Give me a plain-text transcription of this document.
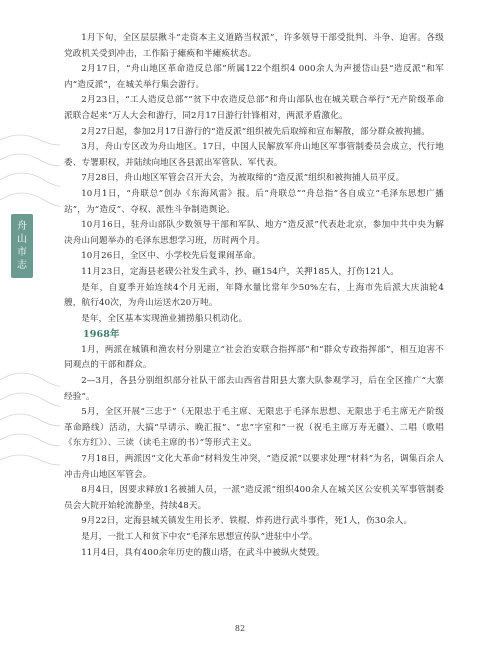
舟
山
市
志

1月下旬，全区层层揪斗“走资本主义道路当权派”，许多领导干部受批判、斗争、迫害。各级党政机关受到冲击，工作陷于瘫痪和半瘫痪状态。

2月17日，“舟山地区革命造反总部”所属122个组织4 000余人为声援岱山县“造反派”和军内“造反派”，在城关举行集会游行。

2月23日，“工人造反总部”“贫下中农造反总部”和舟山部队也在城关联合举行“无产阶级革命派联合起来”万人大会和游行，同2月17日游行针锋相对，两派矛盾激化。

2月27日起，参加2月17日游行的“造反派”组织被先后取缔和宣布解散，部分群众被拘捕。

3月，舟山专区改为舟山地区。17日，中国人民解放军舟山地区军事管制委员会成立，代行地委、专署职权，并陆续向地区各县派出军管队、军代表。

7月28日，舟山地区军管会召开大会，为被取缔的“造反派”组织和被拘捕人员平反。

10月1日，“舟联总”创办《东海风雷》报。后“舟联总”“舟总指”各自成立“毛泽东思想广播站”，为“造反”、夺权、派性斗争制造舆论。

10月16日，驻舟山部队少数领导干部和军队、地方“造反派”代表赴北京，参加中共中央为解决舟山问题举办的毛泽东思想学习班，历时两个月。

10月26日，全区中、小学校先后复课闹革命。

11月23日，定海县老碶公社发生武斗，抄、砸154户，关押185人，打伤121人。

是年，自夏季开始连续4个月无雨，年降水量比常年少50%左右，上海市先后派大庆油轮4艘，航行40次，为舟山运送水20万吨。

是年，全区基本实现渔业捕捞船只机动化。

1968年

1月，两派在城镇和渔农村分别建立“社会治安联合指挥部”和“群众专政指挥部”，相互迫害不同观点的干部和群众。

2—3月，各县分别组织部分社队干部去山西省昔阳县大寨大队参观学习，后在全区推广“大寨经验”。

5月，全区开展“三忠于”（无限忠于毛主席、无限忠于毛泽东思想、无限忠于毛主席无产阶级革命路线）活动，大搞“早请示、晚汇报”、“忠”字室和“一祝（祝毛主席万寿无疆）、二唱（歌唱《东方红》）、三读（读毛主席的书）”等形式主义。

7月18日，两派因“文化大革命”材料发生冲突，“造反派”以要求处理“材料”为名，调集百余人冲击舟山地区军管会。

8月4日，因要求释放1名被捕人员，一派“造反派”组织400余人在城关区公安机关军事管制委员会大院开始轮流静坐，持续48天。

9月22日，定海县城关镇发生用长矛、铁棍、炸药进行武斗事件，死1人，伤30余人。

是月，一批工人和贫下中农“毛泽东思想宣传队”进驻中小学。

11月4日，具有400余年历史的馥山塔，在武斗中被纵火焚毁。

82
